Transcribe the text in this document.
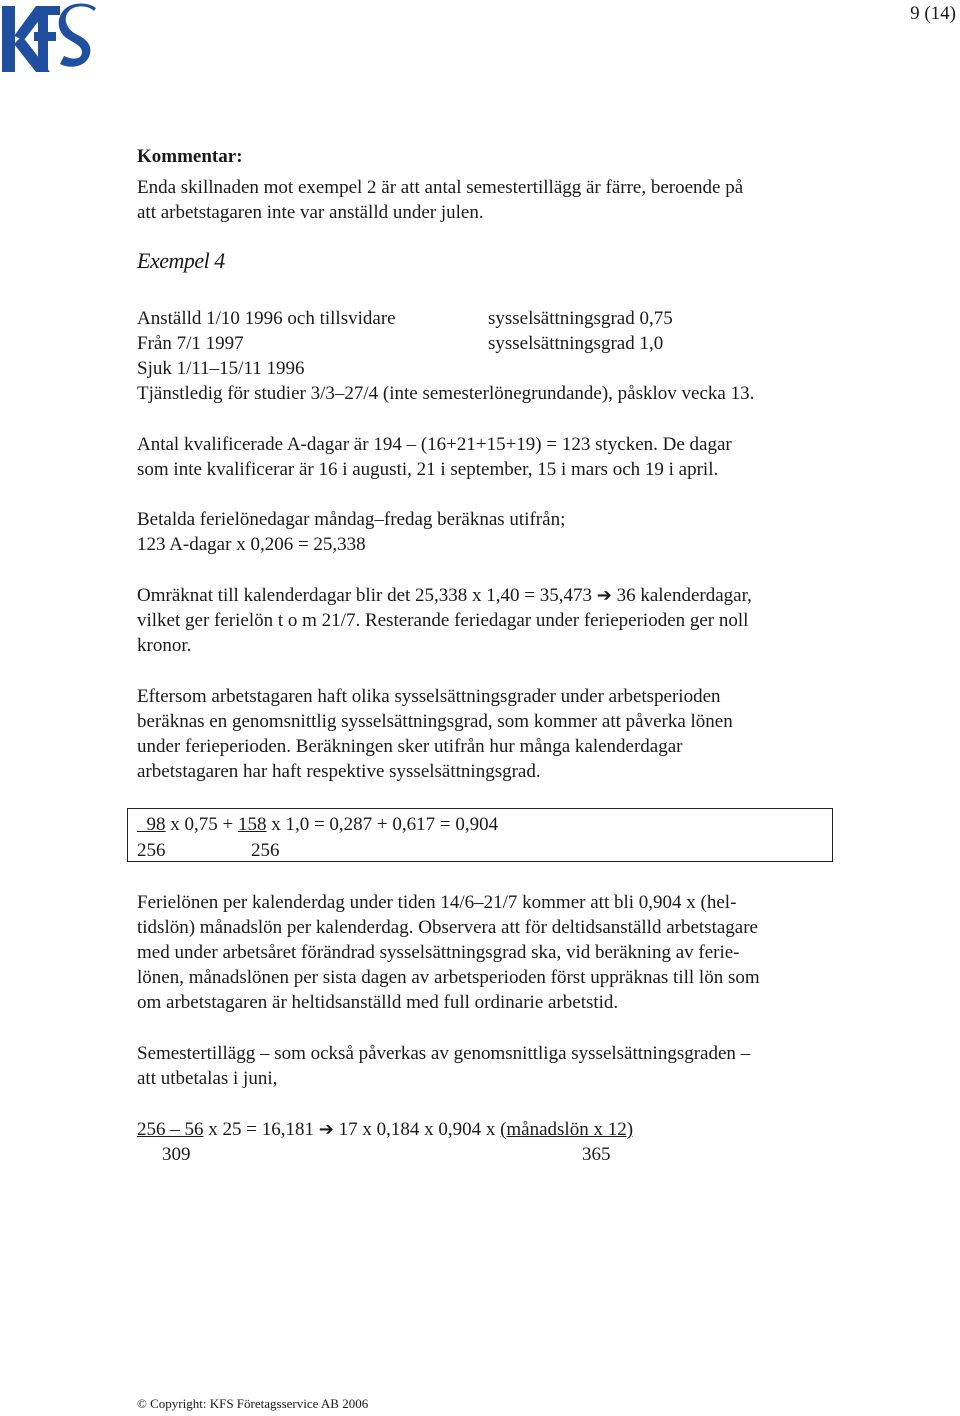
9 (14)
Kommentar:
Enda skillnaden mot exempel 2 är att antal semestertillägg är färre, beroende på
att arbetstagaren inte var anställd under julen.
Exempel 4
Anställd 1/10 1996 och tillsvidare	sysselsättningsgrad 0,75
Från 7/1 1997	sysselsättningsgrad 1,0
Sjuk 1/11–15/11 1996
Tjänstledig för studier 3/3–27/4 (inte semesterlönegrundande), påsklov vecka 13.
Antal kvalificerade A-dagar är 194 – (16+21+15+19) = 123 stycken. De dagar
som inte kvalificerar är 16 i augusti, 21 i september, 15 i mars och 19 i april.
Betalda ferielönedagar måndag–fredag beräknas utifrån;
123 A-dagar x 0,206 = 25,338
Omräknat till kalenderdagar blir det 25,338 x 1,40 = 35,473 ➔ 36 kalenderdagar,
vilket ger ferielön t o m 21/7. Resterande feriedagar under ferieperioden ger noll
kronor.
Eftersom arbetstagaren haft olika sysselsättningsgrader under arbetsperioden
beräknas en genomsnittlig sysselsättningsgrad, som kommer att påverka lönen
under ferieperioden. Beräkningen sker utifrån hur många kalenderdagar
arbetstagaren har haft respektive sysselsättningsgrad.
98 x 0,75 + 158 x 1,0 = 0,287 + 0,617 = 0,904
256	256
Ferielönen per kalenderdag under tiden 14/6–21/7 kommer att bli 0,904 x (hel-
tidslön) månadslön per kalenderdag. Observera att för deltidsanställd arbetstagare
med under arbetsåret förändrad sysselsättningsgrad ska, vid beräkning av ferie-
lönen, månadslönen per sista dagen av arbetsperioden först uppräknas till lön som
om arbetstagaren är heltidsanställd med full ordinarie arbetstid.
Semestertillägg – som också påverkas av genomsnittliga sysselsättningsgraden –
att utbetalas i juni,
256 – 56 x 25 = 16,181 ➔ 17 x 0,184 x 0,904 x (månadslön x 12)
309	365
© Copyright: KFS Företagsservice AB 2006
